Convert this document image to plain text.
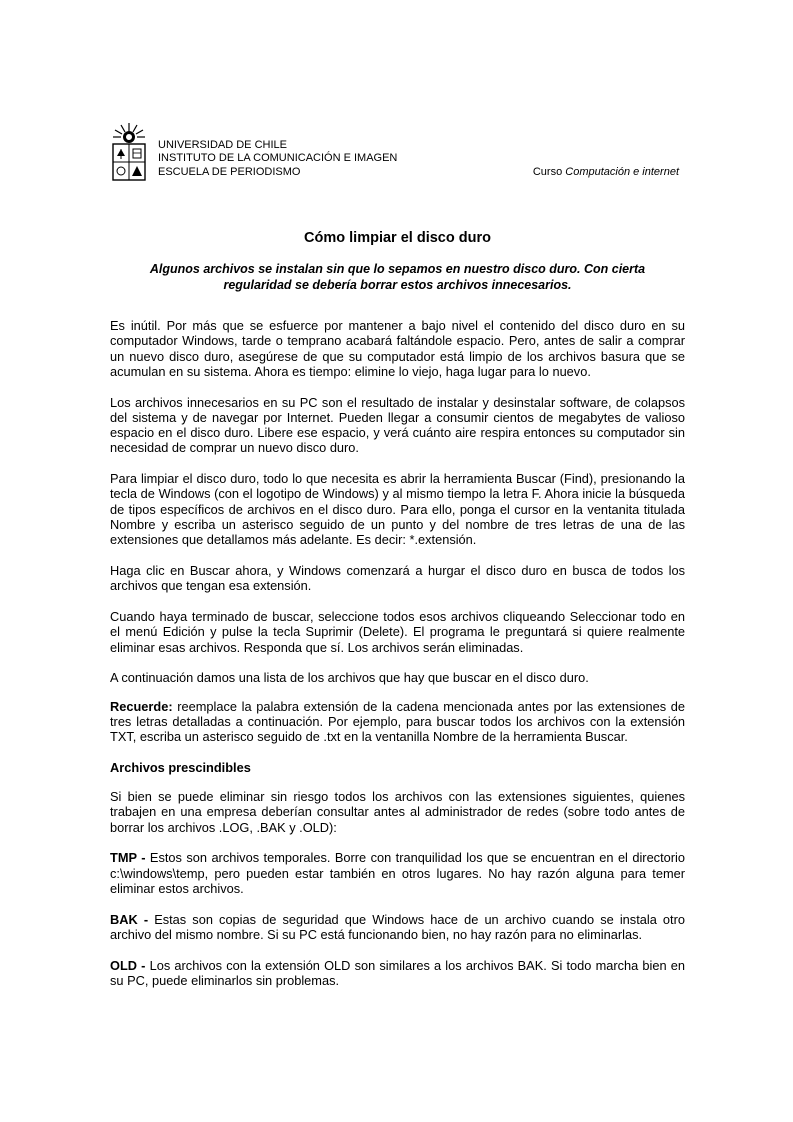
UNIVERSIDAD DE CHILE
INSTITUTO DE LA COMUNICACIÓN E IMAGEN
ESCUELA DE PERIODISMO	Curso Computación e internet
Cómo limpiar el disco duro
Algunos archivos se instalan sin que lo sepamos en nuestro disco duro. Con cierta regularidad se debería borrar estos archivos innecesarios.

Es inútil. Por más que se esfuerce por mantener a bajo nivel el contenido del disco duro en su computador Windows, tarde o temprano acabará faltándole espacio. Pero, antes de salir a comprar un nuevo disco duro, asegúrese de que su computador está limpio de los archivos basura que se acumulan en su sistema. Ahora es tiempo: elimine lo viejo, haga lugar para lo nuevo.

Los archivos innecesarios en su PC son el resultado de instalar y desinstalar software, de colapsos del sistema y de navegar por Internet. Pueden llegar a consumir cientos de megabytes de valioso espacio en el disco duro. Libere ese espacio, y verá cuánto aire respira entonces su computador sin necesidad de comprar un nuevo disco duro.

Para limpiar el disco duro, todo lo que necesita es abrir la herramienta Buscar (Find), presionando la tecla de Windows (con el logotipo de Windows) y al mismo tiempo la letra F. Ahora inicie la búsqueda de tipos específicos de archivos en el disco duro. Para ello, ponga el cursor en la ventanita titulada Nombre y escriba un asterisco seguido de un punto y del nombre de tres letras de una de las extensiones que detallamos más adelante. Es decir: *.extensión.

Haga clic en Buscar ahora, y Windows comenzará a hurgar el disco duro en busca de todos los archivos que tengan esa extensión.

Cuando haya terminado de buscar, seleccione todos esos archivos cliqueando Seleccionar todo en el menú Edición y pulse la tecla Suprimir (Delete). El programa le preguntará si quiere realmente eliminar esas archivos. Responda que sí. Los archivos serán eliminadas.

A continuación damos una lista de los archivos que hay que buscar en el disco duro.

Recuerde: reemplace la palabra extensión de la cadena mencionada antes por las extensiones de tres letras detalladas a continuación. Por ejemplo, para buscar todos los archivos con la extensión TXT, escriba un asterisco seguido de .txt en la ventanilla Nombre de la herramienta Buscar.

Archivos prescindibles

Si bien se puede eliminar sin riesgo todos los archivos con las extensiones siguientes, quienes trabajen en una empresa deberían consultar antes al administrador de redes (sobre todo antes de borrar los archivos .LOG, .BAK y .OLD):

TMP - Estos son archivos temporales. Borre con tranquilidad los que se encuentran en el directorio c:\windows\temp, pero pueden estar también en otros lugares. No hay razón alguna para temer eliminar estos archivos.

BAK - Estas son copias de seguridad que Windows hace de un archivo cuando se instala otro archivo del mismo nombre. Si su PC está funcionando bien, no hay razón para no eliminarlas.

OLD - Los archivos con la extensión OLD son similares a los archivos BAK. Si todo marcha bien en su PC, puede eliminarlos sin problemas.
